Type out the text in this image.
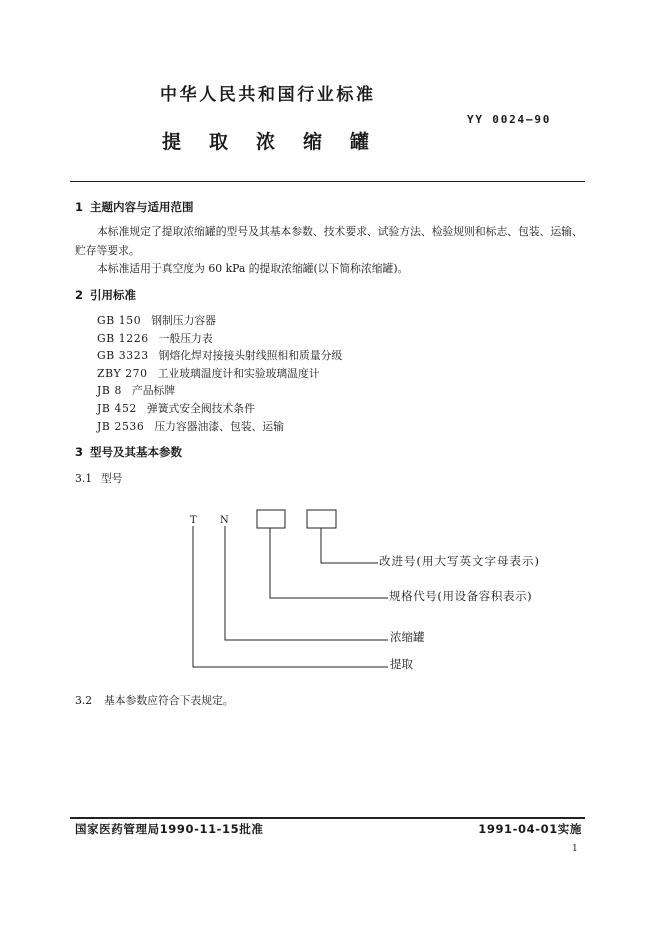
中华人民共和国行业标准
YY 0024—90
提取浓缩罐
1 主题内容与适用范围
本标准规定了提取浓缩罐的型号及其基本参数、技术要求、试验方法、检验规则和标志、包装、运输、
贮存等要求。
本标准适用于真空度为 60 kPa 的提取浓缩罐(以下简称浓缩罐)。
2 引用标准
GB 150 钢制压力容器
GB 1226 一般压力表
GB 3323 钢熔化焊对接接头射线照相和质量分级
ZBY 270 工业玻璃温度计和实验玻璃温度计
JB 8 产品标牌
JB 452 弹簧式安全阀技术条件
JB 2536 压力容器油漆、包装、运输
3 型号及其基本参数
3.1 型号
T N
改进号(用大写英文字母表示)
规格代号(用设备容积表示)
浓缩罐
提取
3.2 基本参数应符合下表规定。
国家医药管理局1990-11-15批准	1991-04-01实施
1
